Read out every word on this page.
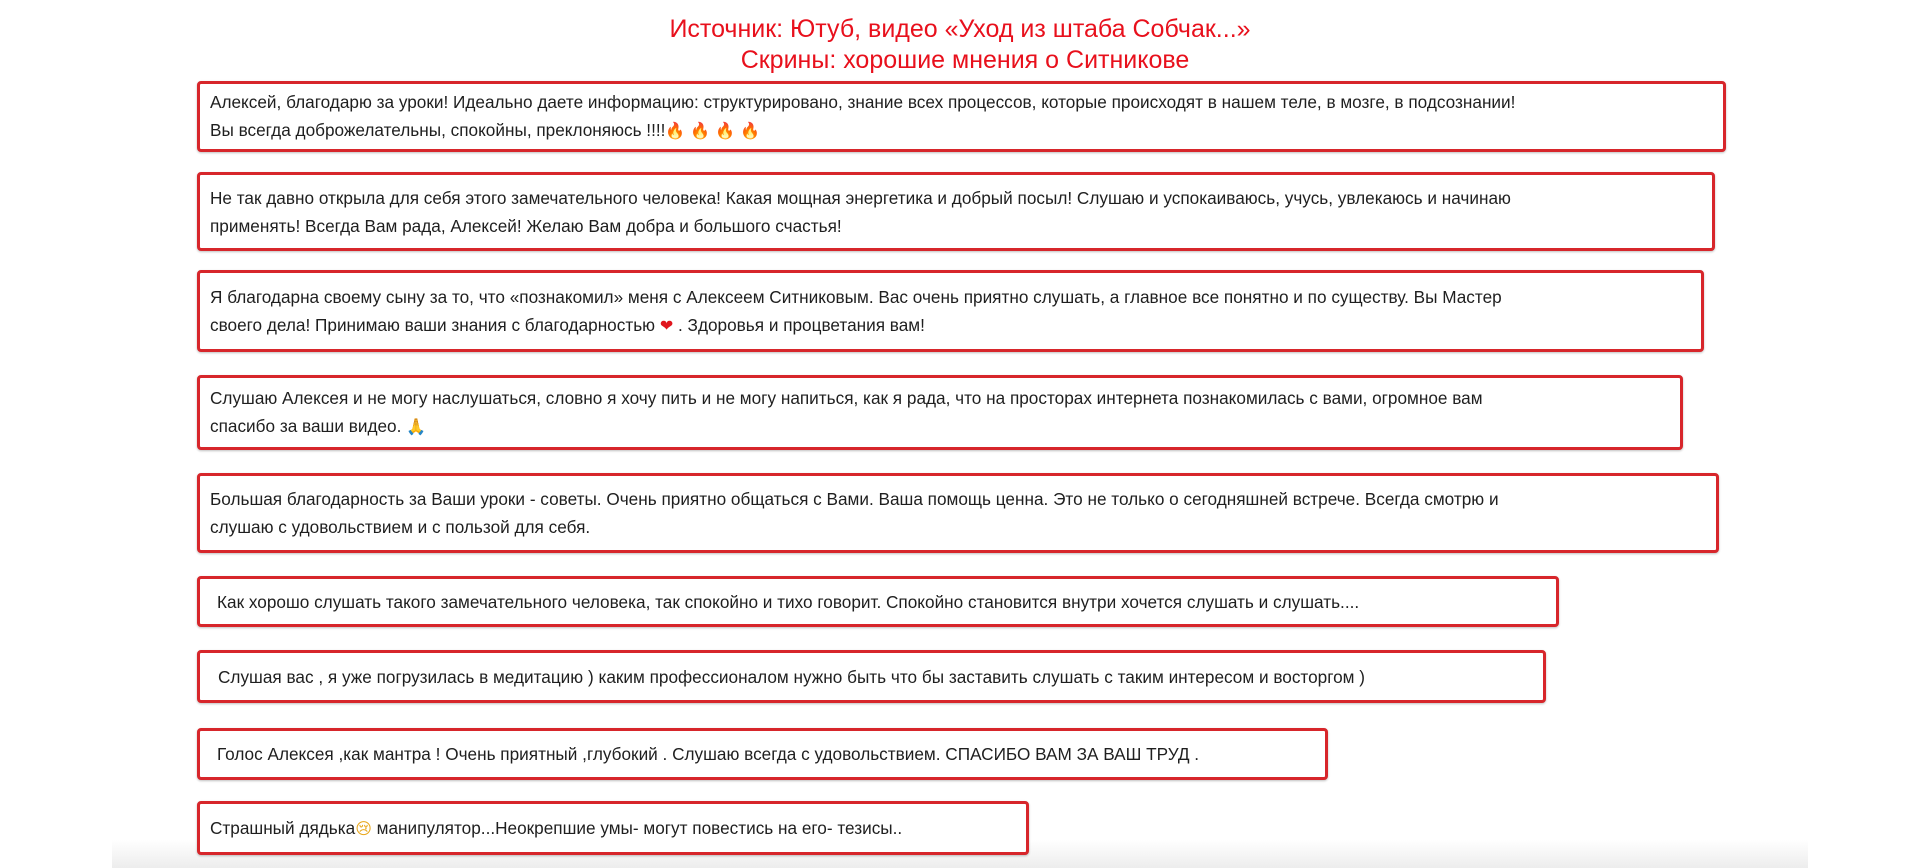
Источник: Ютуб, видео «Уход из штаба Собчак...»
Скрины: хорошие мнения о Ситникове
Алексей, благодарю за уроки! Идеально даете информацию: структурировано, знание всех процессов, которые происходят в нашем теле, в мозге, в подсознании!
Вы всегда доброжелательны, спокойны, преклоняюсь !!!!🔥 🔥 🔥 🔥
Не так давно открыла для себя этого замечательного человека! Какая мощная энергетика и добрый посыл! Слушаю и успокаиваюсь, учусь, увлекаюсь и начинаю
применять! Всегда Вам рада, Алексей! Желаю Вам добра и большого счастья!
Я благодарна своему сыну за то, что «познакомил» меня с Алексеем Ситниковым. Вас очень приятно слушать, а главное все понятно и по существу. Вы Мастер
своего дела! Принимаю ваши знания с благодарностью ❤ . Здоровья и процветания вам!
Слушаю Алексея и не могу наслушаться, словно я хочу пить и не могу напиться, как я рада, что на просторах интернета познакомилась с вами, огромное вам
спасибо за ваши видео. 🙏
Большая благодарность за Ваши уроки - советы. Очень приятно общаться с Вами. Ваша помощь ценна. Это не только о сегодняшней встрече. Всегда смотрю и
слушаю с удовольствием и с пользой для себя.
Как хорошо слушать такого замечательного человека, так спокойно и тихо говорит. Спокойно становится внутри хочется слушать и слушать....
Слушая вас , я уже погрузилась в медитацию ) каким профессионалом нужно быть что бы заставить слушать с таким интересом и восторгом )
Голос Алексея ,как мантра ! Очень приятный ,глубокий . Слушаю всегда с удовольствием. СПАСИБО ВАМ ЗА ВАШ ТРУД .
Страшный дядька😢 манипулятор...Неокрепшие умы- могут повестись на его- тезисы..
